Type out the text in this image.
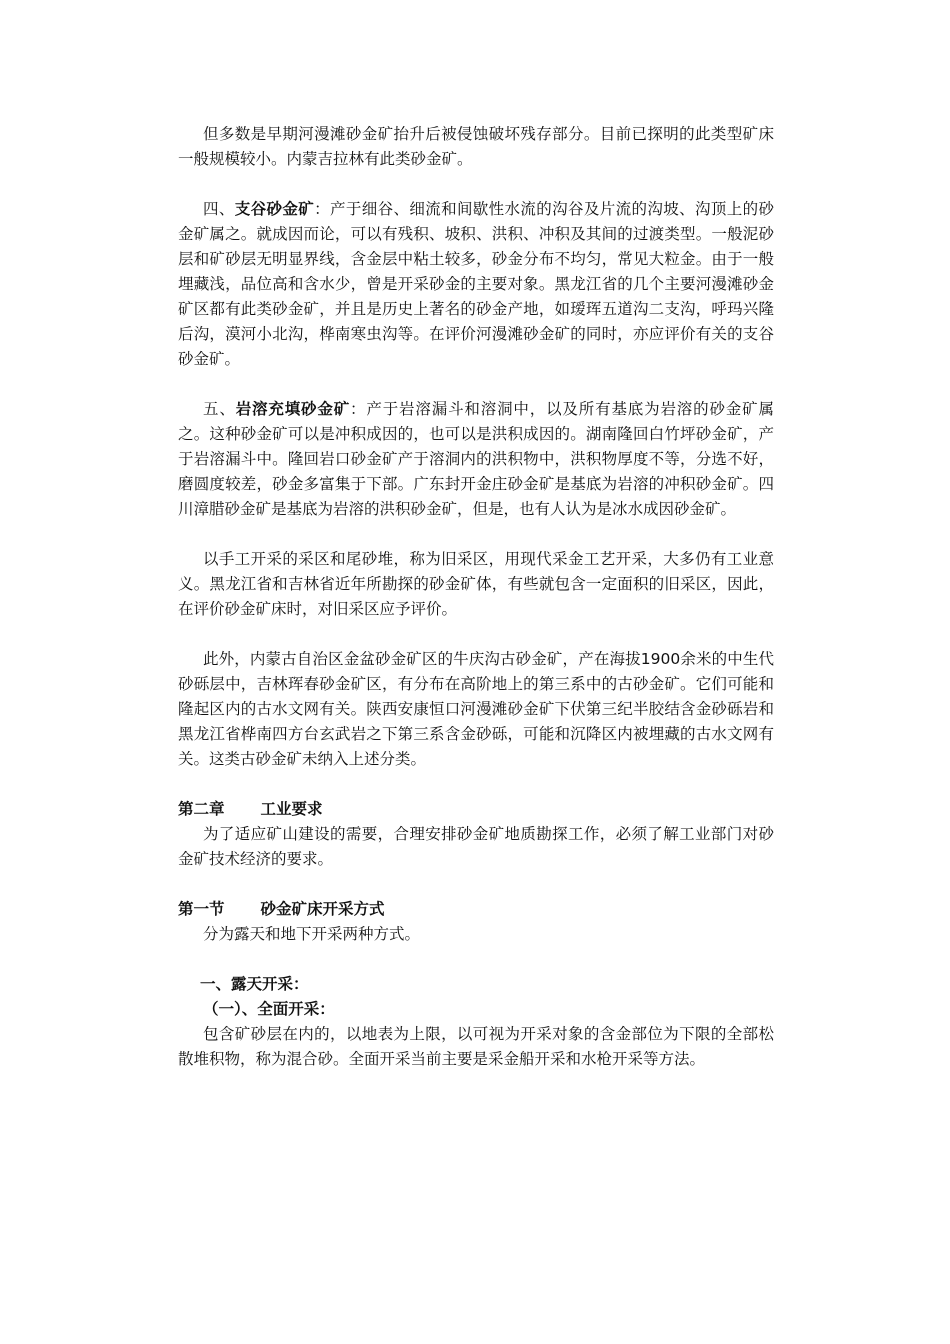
但多数是早期河漫滩砂金矿抬升后被侵蚀破坏残存部分。目前已探明的此类型矿床一般规模较小。内蒙吉拉林有此类砂金矿。

四、支谷砂金矿：产于细谷、细流和间歇性水流的沟谷及片流的沟坡、沟顶上的砂金矿属之。就成因而论，可以有残积、坡积、洪积、冲积及其间的过渡类型。一般泥砂层和矿砂层无明显界线，含金层中粘土较多，砂金分布不均匀，常见大粒金。由于一般埋藏浅，品位高和含水少，曾是开采砂金的主要对象。黑龙江省的几个主要河漫滩砂金矿区都有此类砂金矿，并且是历史上著名的砂金产地，如瑷珲五道沟二支沟，呼玛兴隆后沟，漠河小北沟，桦南寒虫沟等。在评价河漫滩砂金矿的同时，亦应评价有关的支谷砂金矿。

五、岩溶充填砂金矿：产于岩溶漏斗和溶洞中，以及所有基底为岩溶的砂金矿属之。这种砂金矿可以是冲积成因的，也可以是洪积成因的。湖南隆回白竹坪砂金矿，产于岩溶漏斗中。隆回岩口砂金矿产于溶洞内的洪积物中，洪积物厚度不等，分选不好，磨圆度较差，砂金多富集于下部。广东封开金庄砂金矿是基底为岩溶的冲积砂金矿。四川漳腊砂金矿是基底为岩溶的洪积砂金矿，但是，也有人认为是冰水成因砂金矿。

以手工开采的采区和尾砂堆，称为旧采区，用现代采金工艺开采，大多仍有工业意义。黑龙江省和吉林省近年所勘探的砂金矿体，有些就包含一定面积的旧采区，因此，在评价砂金矿床时，对旧采区应予评价。

此外，内蒙古自治区金盆砂金矿区的牛庆沟古砂金矿，产在海拔1900余米的中生代砂砾层中，吉林珲春砂金矿区，有分布在高阶地上的第三系中的古砂金矿。它们可能和隆起区内的古水文网有关。陕西安康恒口河漫滩砂金矿下伏第三纪半胶结含金砂砾岩和黑龙江省桦南四方台玄武岩之下第三系含金砂砾，可能和沉降区内被埋藏的古水文网有关。这类古砂金矿未纳入上述分类。

第二章 工业要求

为了适应矿山建设的需要，合理安排砂金矿地质勘探工作，必须了解工业部门对砂金矿技术经济的要求。

第一节 砂金矿床开采方式

分为露天和地下开采两种方式。

一、露天开采：

（一）、全面开采：

包含矿砂层在内的，以地表为上限，以可视为开采对象的含金部位为下限的全部松散堆积物，称为混合砂。全面开采当前主要是采金船开采和水枪开采等方法。
